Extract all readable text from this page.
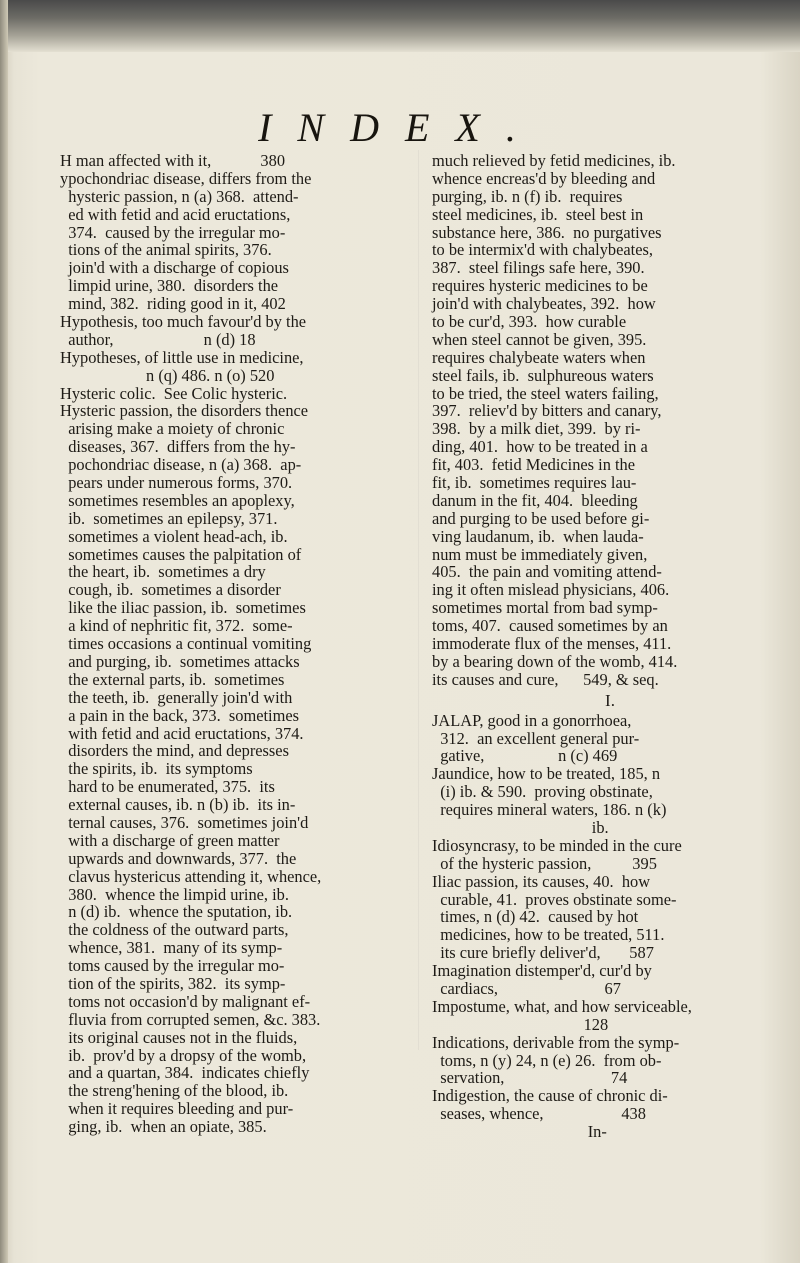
INDEX.
H man affected with it,            380
ypochondriac disease, differs from the
hysteric passion, n (a) 368.  attend-
ed with fetid and acid eructations,
374.  caused by the irregular mo-
tions of the animal spirits, 376.
join'd with a discharge of copious
limpid urine, 380.  disorders the
mind, 382.  riding good in it, 402
Hypothesis, too much favour'd by the
author,                      n (d) 18
Hypotheses, of little use in medicine,
n (q) 486. n (o) 520
Hysteric colic.  See Colic hysteric.
Hysteric passion, the disorders thence
arising make a moiety of chronic
diseases, 367.  differs from the hy-
pochondriac disease, n (a) 368.  ap-
pears under numerous forms, 370.
sometimes resembles an apoplexy,
ib.  sometimes an epilepsy, 371.
sometimes a violent head-ach, ib.
sometimes causes the palpitation of
the heart, ib.  sometimes a dry
cough, ib.  sometimes a disorder
like the iliac passion, ib.  sometimes
a kind of nephritic fit, 372.  some-
times occasions a continual vomiting
and purging, ib.  sometimes attacks
the external parts, ib.  sometimes
the teeth, ib.  generally join'd with
a pain in the back, 373.  sometimes
with fetid and acid eructations, 374.
disorders the mind, and depresses
the spirits, ib.  its symptoms
hard to be enumerated, 375.  its
external causes, ib. n (b) ib.  its in-
ternal causes, 376.  sometimes join'd
with a discharge of green matter
upwards and downwards, 377.  the
clavus hystericus attending it, whence,
380.  whence the limpid urine, ib.
n (d) ib.  whence the sputation, ib.
the coldness of the outward parts,
whence, 381.  many of its symp-
toms caused by the irregular mo-
tion of the spirits, 382.  its symp-
toms not occasion'd by malignant ef-
fluvia from corrupted semen, &c. 383.
its original causes not in the fluids,
ib.  prov'd by a dropsy of the womb,
and a quartan, 384.  indicates chiefly
the streng'hening of the blood, ib.
when it requires bleeding and pur-
ging, ib.  when an opiate, 385.
much relieved by fetid medicines, ib.
whence encreas'd by bleeding and
purging, ib. n (f) ib.  requires
steel medicines, ib.  steel best in
substance here, 386.  no purgatives
to be intermix'd with chalybeates,
387.  steel filings safe here, 390.
requires hysteric medicines to be
join'd with chalybeates, 392.  how
to be cur'd, 393.  how curable
when steel cannot be given, 395.
requires chalybeate waters when
steel fails, ib.  sulphureous waters
to be tried, the steel waters failing,
397.  reliev'd by bitters and canary,
398.  by a milk diet, 399.  by ri-
ding, 401.  how to be treated in a
fit, 403.  fetid Medicines in the
fit, ib.  sometimes requires lau-
danum in the fit, 404.  bleeding
and purging to be used before gi-
ving laudanum, ib.  when lauda-
num must be immediately given,
405.  the pain and vomiting attend-
ing it often mislead physicians, 406.
sometimes mortal from bad symp-
toms, 407.  caused sometimes by an
immoderate flux of the menses, 411.
by a bearing down of the womb, 414.
its causes and cure,      549, & seq.
I.
JALAP, good in a gonorrhoea,
312.  an excellent general pur-
gative,                  n (c) 469
Jaundice, how to be treated, 185, n
(i) ib. & 590.  proving obstinate,
requires mineral waters, 186. n (k)
ib.
Idiosyncrasy, to be minded in the cure
of the hysteric passion,          395
Iliac passion, its causes, 40.  how
curable, 41.  proves obstinate some-
times, n (d) 42.  caused by hot
medicines, how to be treated, 511.
its cure briefly deliver'd,       587
Imagination distemper'd, cur'd by
cardiacs,                          67
Impostume, what, and how serviceable,
128
Indications, derivable from the symp-
toms, n (y) 24, n (e) 26.  from ob-
servation,                          74
Indigestion, the cause of chronic di-
seases, whence,                   438
In-
